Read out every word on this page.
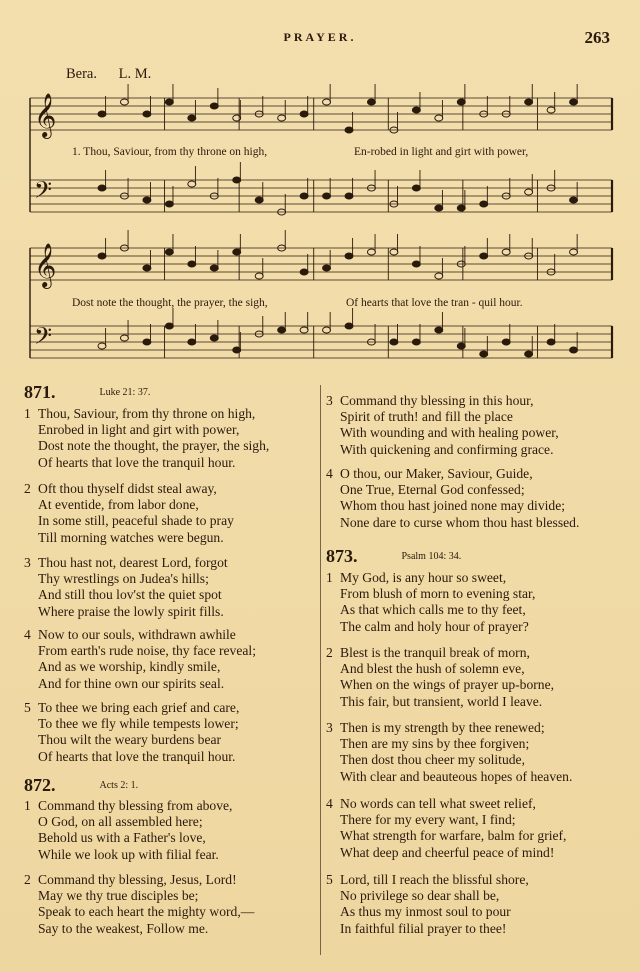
PRAYER.	263
Bera. L. M.
𝄞
𝄢
𝄞
𝄢
1. Thou, Saviour, from thy throne on high,	En-robed in light and girt with power,
Dost note the thought, the prayer, the sigh,	Of hearts that love the tran - quil hour.
871.	Luke 21: 37.
1 Thou, Saviour, from thy throne on high,
Enrobed in light and girt with power,
Dost note the thought, the prayer, the sigh,
Of hearts that love the tranquil hour.
2 Oft thou thyself didst steal away,
At eventide, from labor done,
In some still, peaceful shade to pray
Till morning watches were begun.
3 Thou hast not, dearest Lord, forgot
Thy wrestlings on Judea's hills;
And still thou lov'st the quiet spot
Where praise the lowly spirit fills.
4 Now to our souls, withdrawn awhile
From earth's rude noise, thy face reveal;
And as we worship, kindly smile,
And for thine own our spirits seal.
5 To thee we bring each grief and care,
To thee we fly while tempests lower;
Thou wilt the weary burdens bear
Of hearts that love the tranquil hour.
872.	Acts 2: 1.
1 Command thy blessing from above,
O God, on all assembled here;
Behold us with a Father's love,
While we look up with filial fear.
2 Command thy blessing, Jesus, Lord!
May we thy true disciples be;
Speak to each heart the mighty word,—
Say to the weakest, Follow me.
3 Command thy blessing in this hour,
Spirit of truth! and fill the place
With wounding and with healing power,
With quickening and confirming grace.
4 O thou, our Maker, Saviour, Guide,
One True, Eternal God confessed;
Whom thou hast joined none may divide;
None dare to curse whom thou hast blessed.
873.	Psalm 104: 34.
1 My God, is any hour so sweet,
From blush of morn to evening star,
As that which calls me to thy feet,
The calm and holy hour of prayer?
2 Blest is the tranquil break of morn,
And blest the hush of solemn eve,
When on the wings of prayer up-borne,
This fair, but transient, world I leave.
3 Then is my strength by thee renewed;
Then are my sins by thee forgiven;
Then dost thou cheer my solitude,
With clear and beauteous hopes of heaven.
4 No words can tell what sweet relief,
There for my every want, I find;
What strength for warfare, balm for grief,
What deep and cheerful peace of mind!
5 Lord, till I reach the blissful shore,
No privilege so dear shall be,
As thus my inmost soul to pour
In faithful filial prayer to thee!
